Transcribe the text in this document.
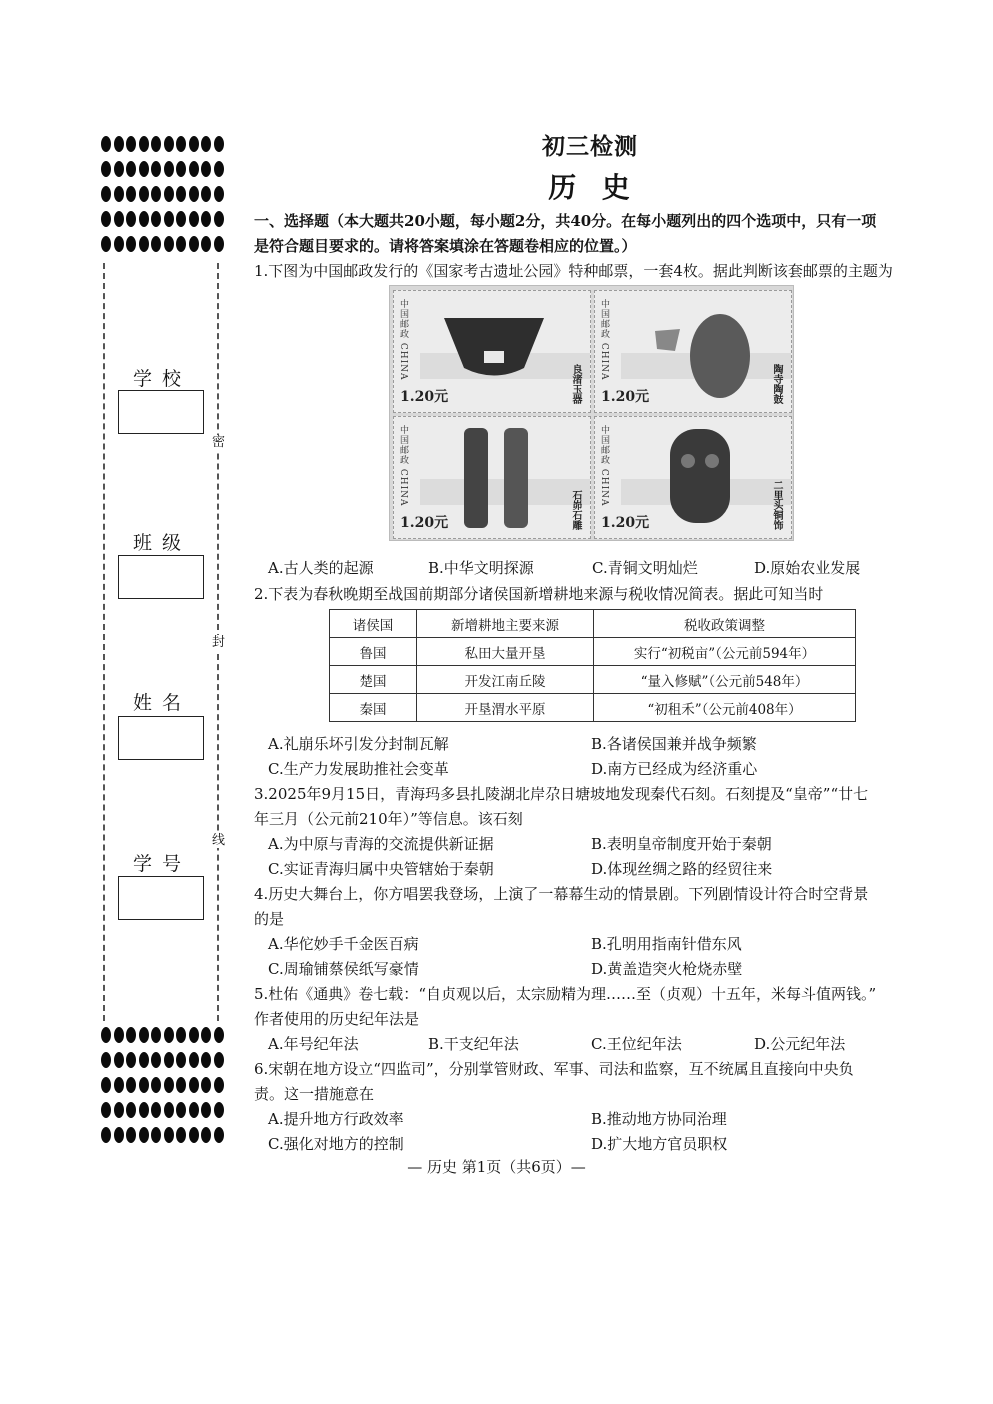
学 校
班 级
姓 名
学 号
密
封
线
初三检测
历  史
一、选择题（本大题共20小题，每小题2分，共40分。在每小题列出的四个选项中，只有一项
是符合题目要求的。请将答案填涂在答题卷相应的位置。）
1.下图为中国邮政发行的《国家考古遗址公园》特种邮票，一套4枚。据此判断该套邮票的主题为
中国邮政 CHINA
1.20元	良渚玉器
中国邮政 CHINA
1.20元	陶寺陶鼓
中国邮政 CHINA
1.20元	石峁石雕
中国邮政 CHINA
1.20元	二里头铜饰
A.古人类的起源	B.中华文明探源	C.青铜文明灿烂	D.原始农业发展
2.下表为春秋晚期至战国前期部分诸侯国新增耕地来源与税收情况简表。据此可知当时
诸侯国	新增耕地主要来源	税收政策调整
鲁国	私田大量开垦	实行“初税亩”（公元前594年）
楚国	开发江南丘陵	“量入修赋”（公元前548年）
秦国	开垦渭水平原	“初租禾”（公元前408年）
A.礼崩乐坏引发分封制瓦解	B.各诸侯国兼并战争频繁
C.生产力发展助推社会变革	D.南方已经成为经济重心
3.2025年9月15日，青海玛多县扎陵湖北岸尕日塘坡地发现秦代石刻。石刻提及“皇帝”“廿七
年三月（公元前210年）”等信息。该石刻
A.为中原与青海的交流提供新证据	B.表明皇帝制度开始于秦朝
C.实证青海归属中央管辖始于秦朝	D.体现丝绸之路的经贸往来
4.历史大舞台上，你方唱罢我登场，上演了一幕幕生动的情景剧。下列剧情设计符合时空背景
的是
A.华佗妙手千金医百病	B.孔明用指南针借东风
C.周瑜铺蔡侯纸写豪情	D.黄盖造突火枪烧赤壁
5.杜佑《通典》卷七载：“自贞观以后，太宗励精为理……至（贞观）十五年，米每斗值两钱。”
作者使用的历史纪年法是
A.年号纪年法	B.干支纪年法	C.王位纪年法	D.公元纪年法
6.宋朝在地方设立“四监司”，分别掌管财政、军事、司法和监察，互不统属且直接向中央负
责。这一措施意在
A.提升地方行政效率	B.推动地方协同治理
C.强化对地方的控制	D.扩大地方官员职权
— 历史 第1页（共6页）—
